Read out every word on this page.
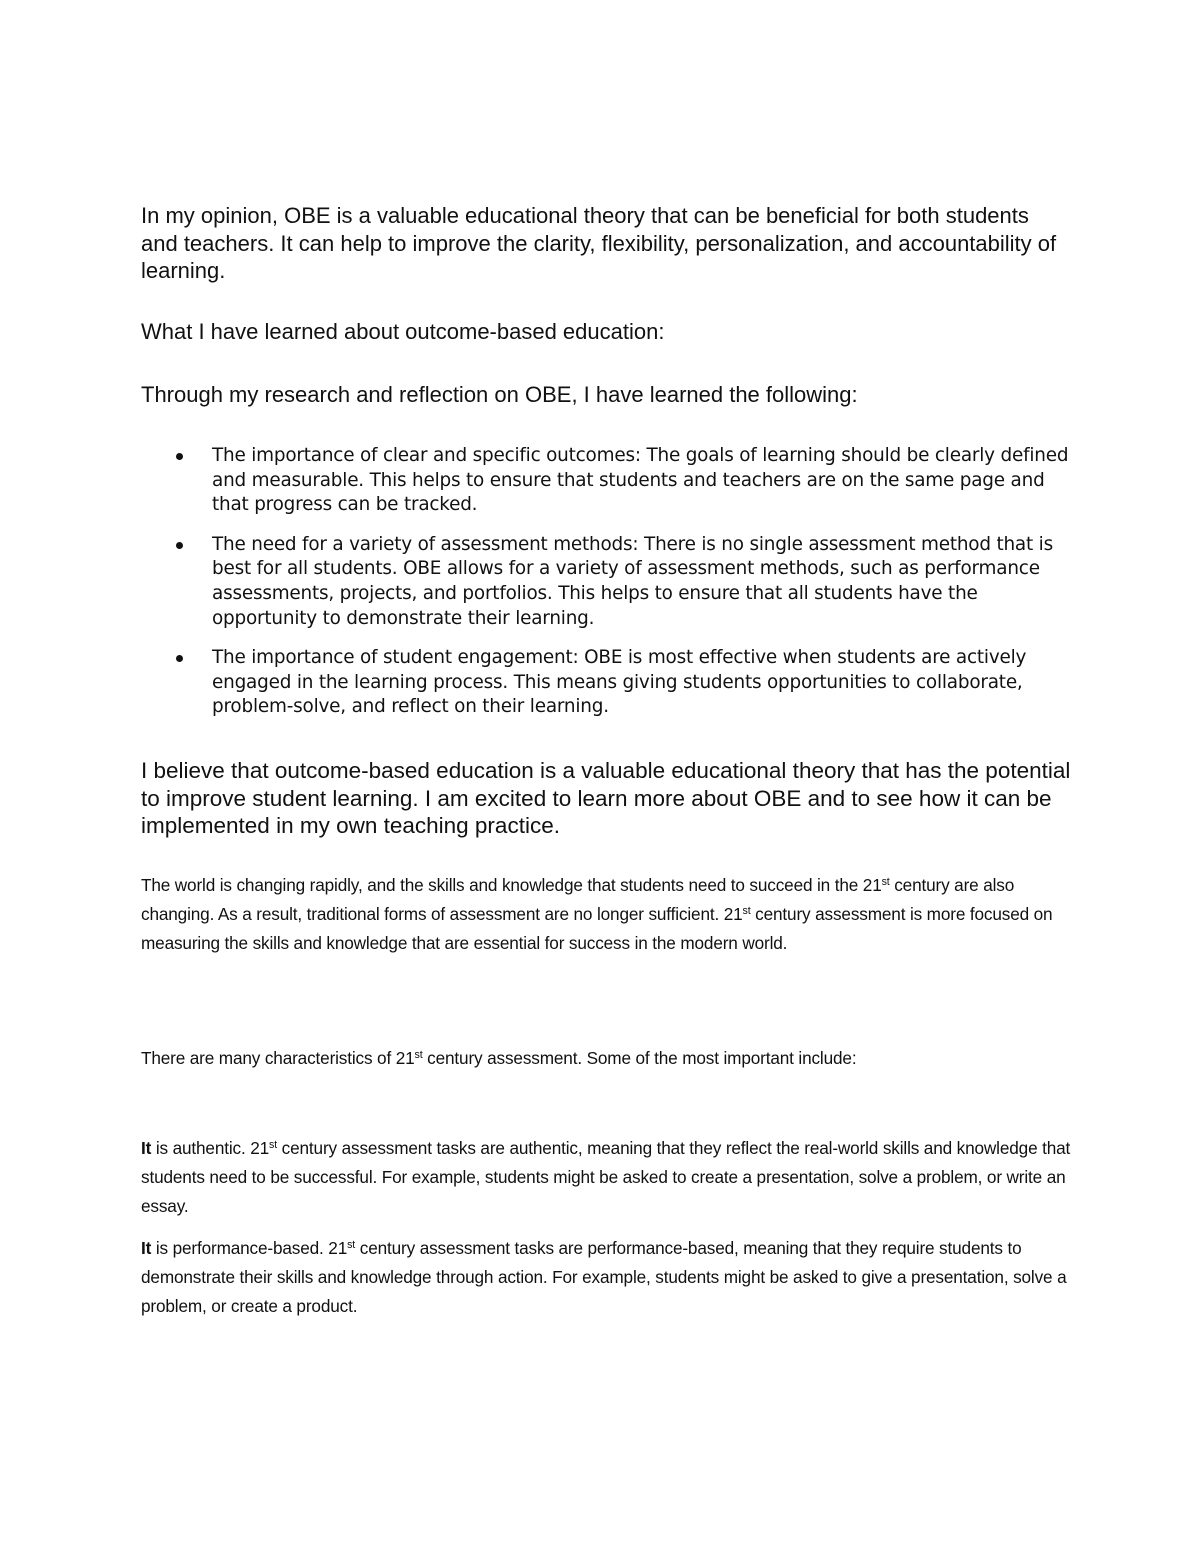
In my opinion, OBE is a valuable educational theory that can be beneficial for both students and teachers. It can help to improve the clarity, flexibility, personalization, and accountability of learning.

What I have learned about outcome-based education:

Through my research and reflection on OBE, I have learned the following:

The importance of clear and specific outcomes: The goals of learning should be clearly defined and measurable. This helps to ensure that students and teachers are on the same page and that progress can be tracked.
The need for a variety of assessment methods: There is no single assessment method that is best for all students. OBE allows for a variety of assessment methods, such as performance assessments, projects, and portfolios. This helps to ensure that all students have the opportunity to demonstrate their learning.
The importance of student engagement: OBE is most effective when students are actively engaged in the learning process. This means giving students opportunities to collaborate, problem-solve, and reflect on their learning.

I believe that outcome-based education is a valuable educational theory that has the potential to improve student learning. I am excited to learn more about OBE and to see how it can be implemented in my own teaching practice.

The world is changing rapidly, and the skills and knowledge that students need to succeed in the 21st century are also changing. As a result, traditional forms of assessment are no longer sufficient. 21st century assessment is more focused on measuring the skills and knowledge that are essential for success in the modern world.

There are many characteristics of 21st century assessment. Some of the most important include:

It is authentic. 21st century assessment tasks are authentic, meaning that they reflect the real-world skills and knowledge that students need to be successful. For example, students might be asked to create a presentation, solve a problem, or write an essay.

It is performance-based. 21st century assessment tasks are performance-based, meaning that they require students to demonstrate their skills and knowledge through action. For example, students might be asked to give a presentation, solve a problem, or create a product.
